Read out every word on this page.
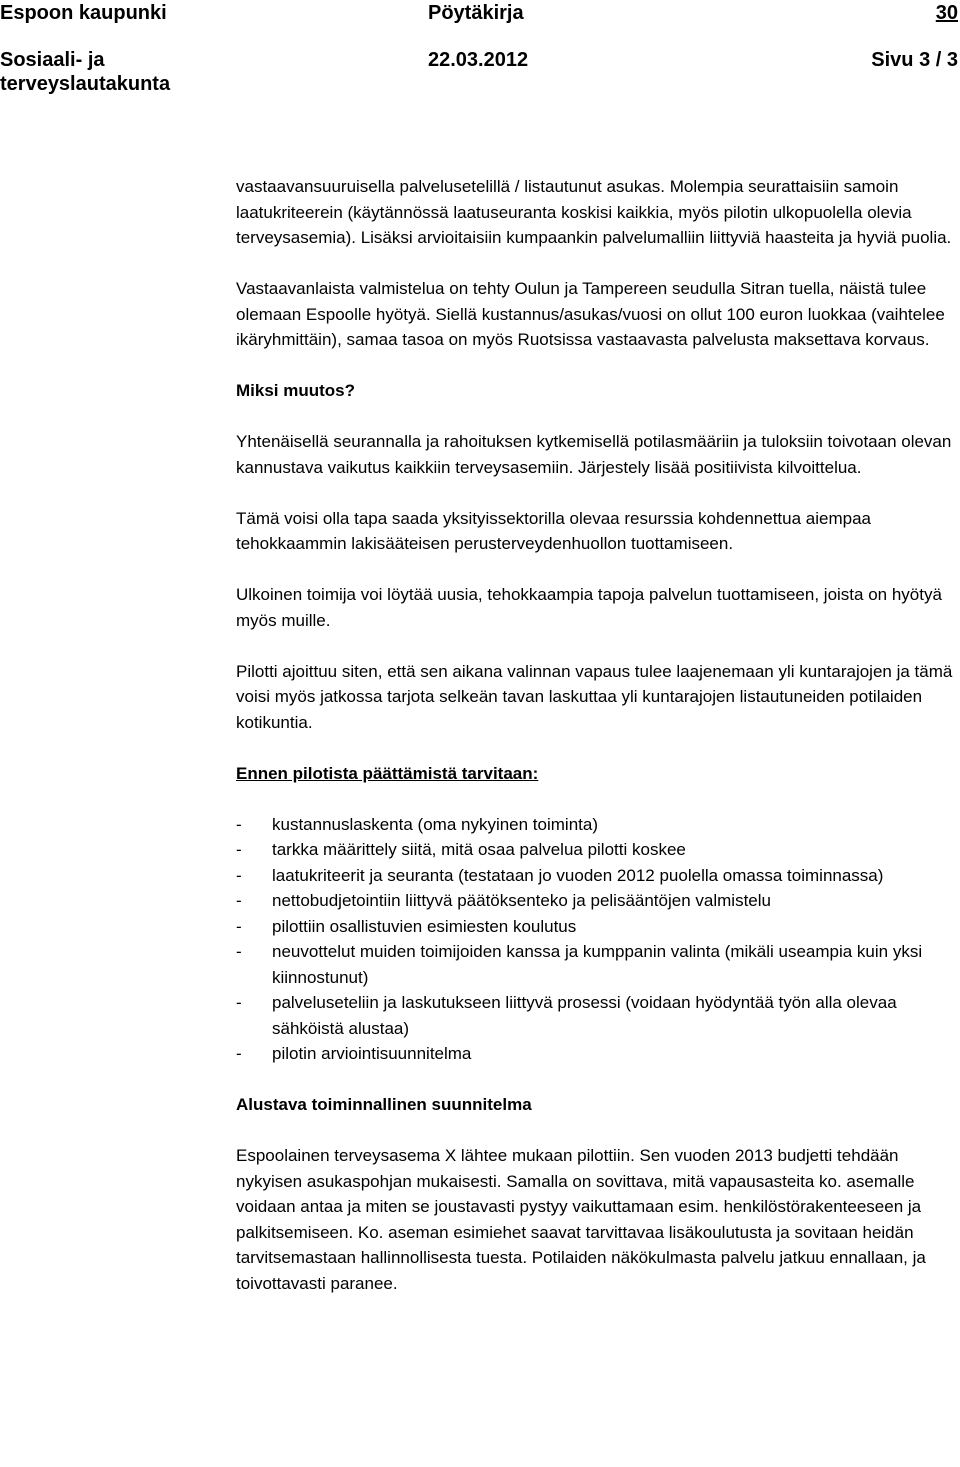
Espoon kaupunki	Pöytäkirja	30
Sosiaali- ja
terveyslautakunta
22.03.2012	Sivu 3 / 3

vastaavansuuruisella palvelusetelillä / listautunut asukas. Molempia seurattaisiin samoin laatukriteerein (käytännössä laatuseuranta koskisi kaikkia, myös pilotin ulkopuolella olevia terveysasemia). Lisäksi arvioitaisiin kumpaankin palvelumalliin liittyviä haasteita ja hyviä puolia.

Vastaavanlaista valmistelua on tehty Oulun ja Tampereen seudulla Sitran tuella, näistä tulee olemaan Espoolle hyötyä. Siellä kustannus/asukas/vuosi on ollut 100 euron luokkaa (vaihtelee ikäryhmittäin), samaa tasoa on myös Ruotsissa vastaavasta palvelusta maksettava korvaus.

Miksi muutos?

Yhtenäisellä seurannalla ja rahoituksen kytkemisellä potilasmääriin ja tuloksiin toivotaan olevan kannustava vaikutus kaikkiin terveysasemiin. Järjestely lisää positiivista kilvoittelua.

Tämä voisi olla tapa saada yksityissektorilla olevaa resurssia kohdennettua aiempaa tehokkaammin lakisääteisen perusterveydenhuollon tuottamiseen.

Ulkoinen toimija voi löytää uusia, tehokkaampia tapoja palvelun tuottamiseen, joista on hyötyä myös muille.

Pilotti ajoittuu siten, että sen aikana valinnan vapaus tulee laajenemaan yli kuntarajojen ja tämä voisi myös jatkossa tarjota selkeän tavan laskuttaa yli kuntarajojen listautuneiden potilaiden kotikuntia.

Ennen pilotista päättämistä tarvitaan:
- kustannuslaskenta (oma nykyinen toiminta)
- tarkka määrittely siitä, mitä osaa palvelua pilotti koskee
- laatukriteerit ja seuranta (testataan jo vuoden 2012 puolella omassa toiminnassa)
- nettobudjetointiin liittyvä päätöksenteko ja pelisääntöjen valmistelu
- pilottiin osallistuvien esimiesten koulutus
- neuvottelut muiden toimijoiden kanssa ja kumppanin valinta (mikäli useampia kuin yksi kiinnostunut)
- palveluseteliin ja laskutukseen liittyvä prosessi (voidaan hyödyntää työn alla olevaa sähköistä alustaa)
- pilotin arviointisuunnitelma
Alustava toiminnallinen suunnitelma

Espoolainen terveysasema X lähtee mukaan pilottiin. Sen vuoden 2013 budjetti tehdään nykyisen asukaspohjan mukaisesti. Samalla on sovittava, mitä vapausasteita ko. asemalle voidaan antaa ja miten se joustavasti pystyy vaikuttamaan esim. henkilöstörakenteeseen ja palkitsemiseen. Ko. aseman esimiehet saavat tarvittavaa lisäkoulutusta ja sovitaan heidän tarvitsemastaan hallinnollisesta tuesta. Potilaiden näkökulmasta palvelu jatkuu ennallaan, ja toivottavasti paranee.
